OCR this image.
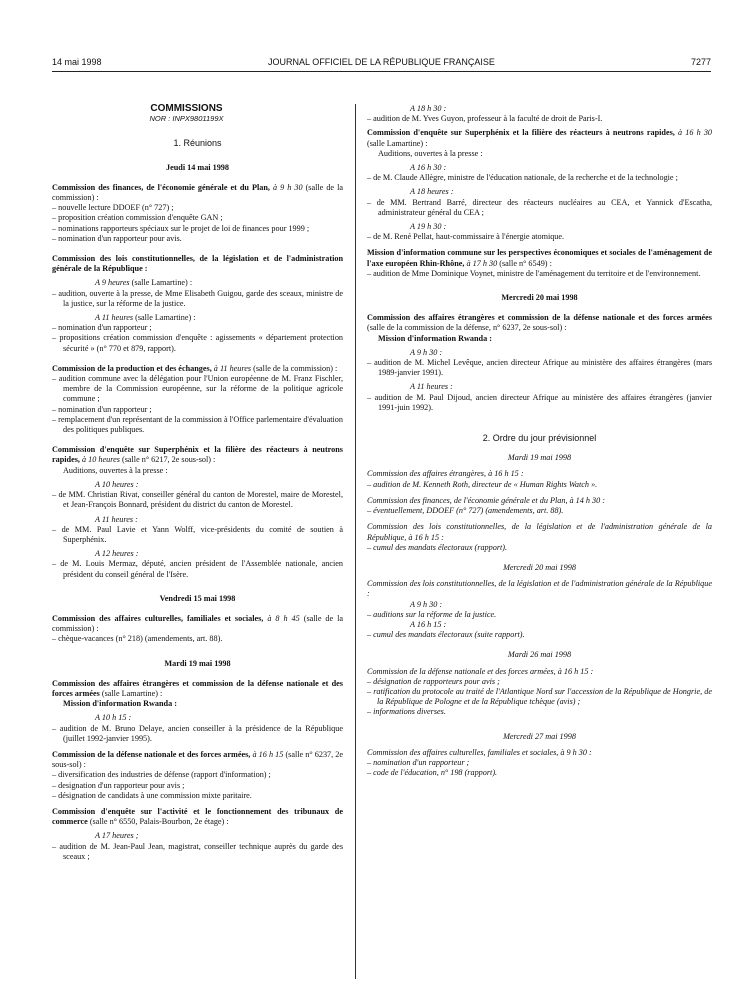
14 mai 1998	JOURNAL OFFICIEL DE LA RÉPUBLIQUE FRANÇAISE	7277

COMMISSIONS

NOR : INPX9801199X

1. Réunions

Jeudi 14 mai 1998

Commission des finances, de l'économie générale et du Plan, à 9 h 30 (salle de la commission) :

– nouvelle lecture DDOEF (n° 727) ;

– proposition création commission d'enquête GAN ;

– nominations rapporteurs spéciaux sur le projet de loi de finances pour 1999 ;

– nomination d'un rapporteur pour avis.

Commission des lois constitutionnelles, de la législation et de l'administration générale de la République :

A 9 heures (salle Lamartine) :

– audition, ouverte à la presse, de Mme Elisabeth Guigou, garde des sceaux, ministre de la justice, sur la réforme de la justice.

A 11 heures (salle Lamartine) :

– nomination d'un rapporteur ;

– propositions création commission d'enquête : agissements « département protection sécurité » (n° 770 et 879, rapport).

Commission de la production et des échanges, à 11 heures (salle de la commission) :

– audition commune avec la délégation pour l'Union européenne de M. Franz Fischler, membre de la Commission européenne, sur la réforme de la politique agricole commune ;

– nomination d'un rapporteur ;

– remplacement d'un représentant de la commission à l'Office parlementaire d'évaluation des politiques publiques.

Commission d'enquête sur Superphénix et la filière des réacteurs à neutrons rapides, à 10 heures (salle n° 6217, 2e sous-sol) :

Auditions, ouvertes à la presse :

A 10 heures :

– de MM. Christian Rivat, conseiller général du canton de Morestel, maire de Morestel, et Jean-François Bonnard, président du district du canton de Morestel.

A 11 heures :

– de MM. Paul Lavie et Yann Wolff, vice-présidents du comité de soutien à Superphénix.

A 12 heures :

– de M. Louis Mermaz, député, ancien président de l'Assemblée nationale, ancien président du conseil général de l'Isère.

Vendredi 15 mai 1998

Commission des affaires culturelles, familiales et sociales, à 8 h 45 (salle de la commission) :

– chèque-vacances (n° 218) (amendements, art. 88).

Mardi 19 mai 1998

Commission des affaires étrangères et commission de la défense nationale et des forces armées (salle Lamartine) :

Mission d'information Rwanda :

A 10 h 15 :

– audition de M. Bruno Delaye, ancien conseiller à la présidence de la République (juillet 1992-janvier 1995).

Commission de la défense nationale et des forces armées, à 16 h 15 (salle n° 6237, 2e sous-sol) :

– diversification des industries de défense (rapport d'information) ;

– designation d'un rapporteur pour avis ;

– désignation de candidats à une commission mixte paritaire.

Commission d'enquête sur l'activité et le fonctionnement des tribunaux de commerce (salle n° 6550, Palais-Bourbon, 2e étage) :

A 17 heures ;

– audition de M. Jean-Paul Jean, magistrat, conseiller technique auprès du garde des sceaux ;

A 18 h 30 :

– audition de M. Yves Guyon, professeur à la faculté de droit de Paris-I.

Commission d'enquête sur Superphénix et la filière des réacteurs à neutrons rapides, à 16 h 30 (salle Lamartine) :

Auditions, ouvertes à la presse :

A 16 h 30 :

– de M. Claude Allègre, ministre de l'éducation nationale, de la recherche et de la technologie ;

A 18 heures :

– de MM. Bertrand Barré, directeur des réacteurs nucléaires au CEA, et Yannick d'Escatha, administrateur général du CEA ;

A 19 h 30 :

– de M. René Pellat, haut-commissaire à l'énergie atomique.

Mission d'information commune sur les perspectives économiques et sociales de l'aménagement de l'axe européen Rhin-Rhône, à 17 h 30 (salle n° 6549) :

– audition de Mme Dominique Voynet, ministre de l'aménagement du territoire et de l'environnement.

Mercredi 20 mai 1998

Commission des affaires étrangères et commission de la défense nationale et des forces armées (salle de la commission de la défense, n° 6237, 2e sous-sol) :

Mission d'information Rwanda :

A 9 h 30 :

– audition de M. Michel Levêque, ancien directeur Afrique au ministère des affaires étrangères (mars 1989-janvier 1991).

A 11 heures :

– audition de M. Paul Dijoud, ancien directeur Afrique au ministère des affaires étrangères (janvier 1991-juin 1992).

2. Ordre du jour prévisionnel

Mardi 19 mai 1998

Commission des affaires étrangères, à 16 h 15 :

– audition de M. Kenneth Roth, directeur de « Human Rights Watch ».

Commission des finances, de l'économie générale et du Plan, à 14 h 30 :

– éventuellement, DDOEF (n° 727) (amendements, art. 88).

Commission des lois constitutionnelles, de la législation et de l'administration générale de la République, à 16 h 15 :

– cumul des mandats électoraux (rapport).

Mercredi 20 mai 1998

Commission des lois constitutionnelles, de la législation et de l'administration générale de la République :

A 9 h 30 :

– auditions sur la réforme de la justice.

A 16 h 15 :

– cumul des mandats électoraux (suite rapport).

Mardi 26 mai 1998

Commission de la défense nationale et des forces armées, à 16 h 15 :

– désignation de rapporteurs pour avis ;

– ratification du protocole au traité de l'Atlantique Nord sur l'accession de la République de Hongrie, de la République de Pologne et de la République tchèque (avis) ;

– informations diverses.

Mercredi 27 mai 1998

Commission des affaires culturelles, familiales et sociales, à 9 h 30 :

– nomination d'un rapporteur ;

– code de l'éducation, n° 198 (rapport).
